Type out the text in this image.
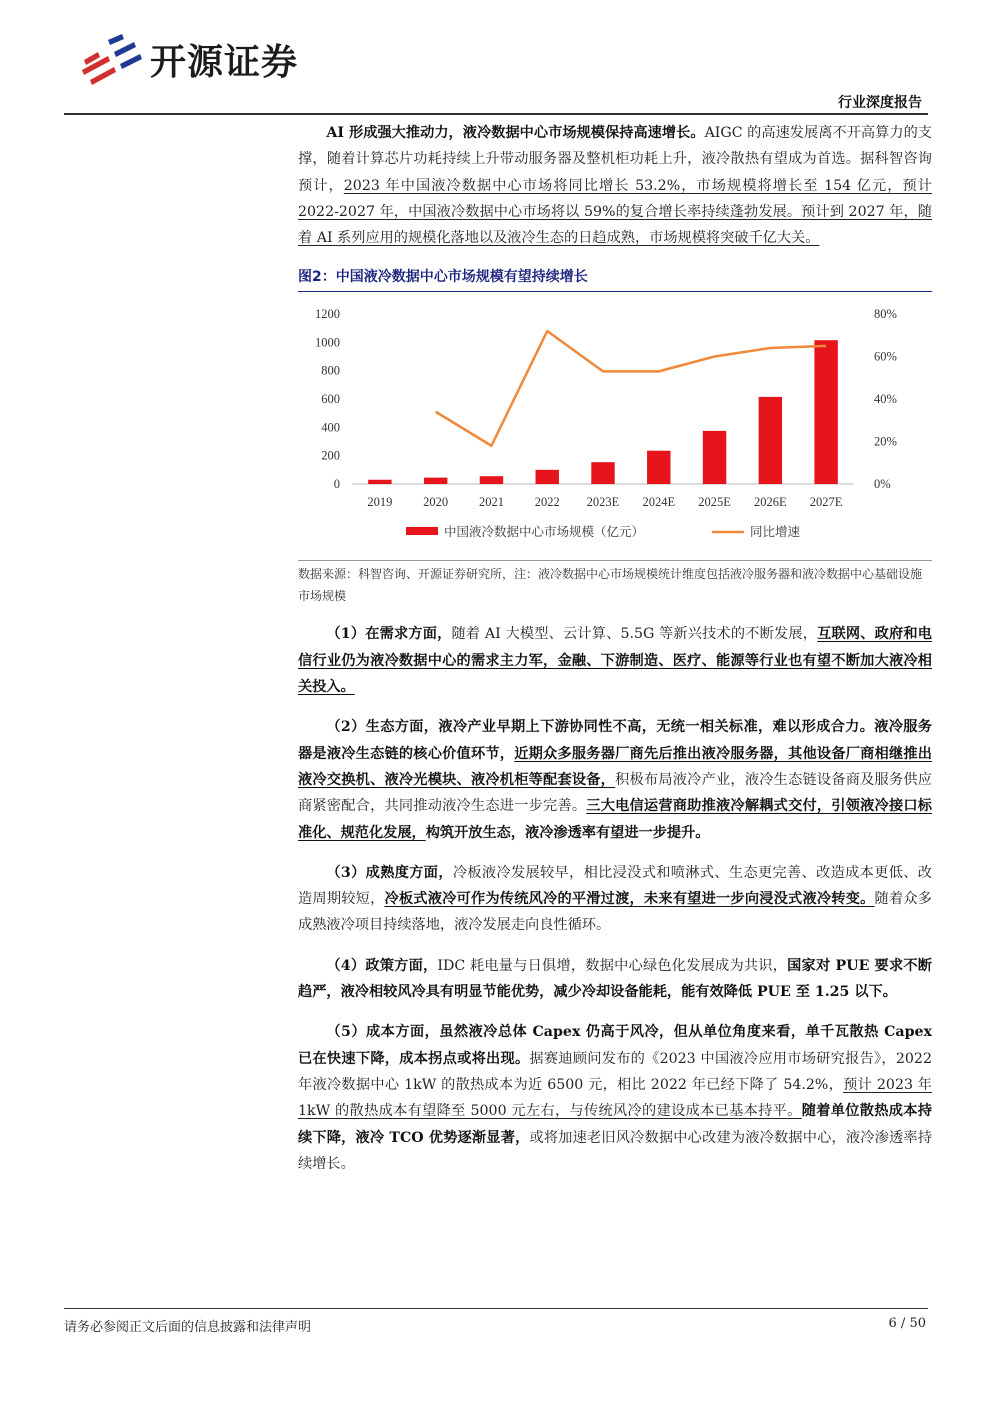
开源证券
行业深度报告

AI 形成强大推动力，液冷数据中心市场规模保持高速增长。AIGC 的高速发展离不开高算力的支撑，随着计算芯片功耗持续上升带动服务器及整机柜功耗上升，液冷散热有望成为首选。据科智咨询预计，2023 年中国液冷数据中心市场将同比增长 53.2%，市场规模将增长至 154 亿元，预计 2022-2027 年，中国液冷数据中心市场将以 59%的复合增长率持续蓬勃发展。预计到 2027 年，随着 AI 系列应用的规模化落地以及液冷生态的日趋成熟，市场规模将突破千亿大关。

图2：中国液冷数据中心市场规模有望持续增长
0
200
400
600
800
1000
1200
0%
20%
40%
60%
80%
2019 2020 2021 2022 2023E 2024E 2025E 2026E 2027E
中国液冷数据中心市场规模（亿元）	同比增速
数据来源：科智咨询、开源证券研究所，注：液冷数据中心市场规模统计维度包括液冷服务器和液冷数据中心基础设施市场规模

（1）在需求方面，随着 AI 大模型、云计算、5.5G 等新兴技术的不断发展，互联网、政府和电信行业仍为液冷数据中心的需求主力军，金融、下游制造、医疗、能源等行业也有望不断加大液冷相关投入。

（2）生态方面，液冷产业早期上下游协同性不高，无统一相关标准，难以形成合力。液冷服务器是液冷生态链的核心价值环节，近期众多服务器厂商先后推出液冷服务器，其他设备厂商相继推出液冷交换机、液冷光模块、液冷机柜等配套设备，积极布局液冷产业，液冷生态链设备商及服务供应商紧密配合，共同推动液冷生态进一步完善。三大电信运营商助推液冷解耦式交付，引领液冷接口标准化、规范化发展，构筑开放生态，液冷渗透率有望进一步提升。

（3）成熟度方面，冷板液冷发展较早，相比浸没式和喷淋式、生态更完善、改造成本更低、改造周期较短，冷板式液冷可作为传统风冷的平滑过渡，未来有望进一步向浸没式液冷转变。随着众多成熟液冷项目持续落地，液冷发展走向良性循环。

（4）政策方面，IDC 耗电量与日俱增，数据中心绿色化发展成为共识，国家对 PUE 要求不断趋严，液冷相较风冷具有明显节能优势，减少冷却设备能耗，能有效降低 PUE 至 1.25 以下。

（5）成本方面，虽然液冷总体 Capex 仍高于风冷，但从单位角度来看，单千瓦散热 Capex 已在快速下降，成本拐点或将出现。据赛迪顾问发布的《2023 中国液冷应用市场研究报告》，2022 年液冷数据中心 1kW 的散热成本为近 6500 元，相比 2022 年已经下降了 54.2%，预计 2023 年 1kW 的散热成本有望降至 5000 元左右，与传统风冷的建设成本已基本持平。随着单位散热成本持续下降，液冷 TCO 优势逐渐显著，或将加速老旧风冷数据中心改建为液冷数据中心，液冷渗透率持续增长。

请务必参阅正文后面的信息披露和法律声明	6 / 50
